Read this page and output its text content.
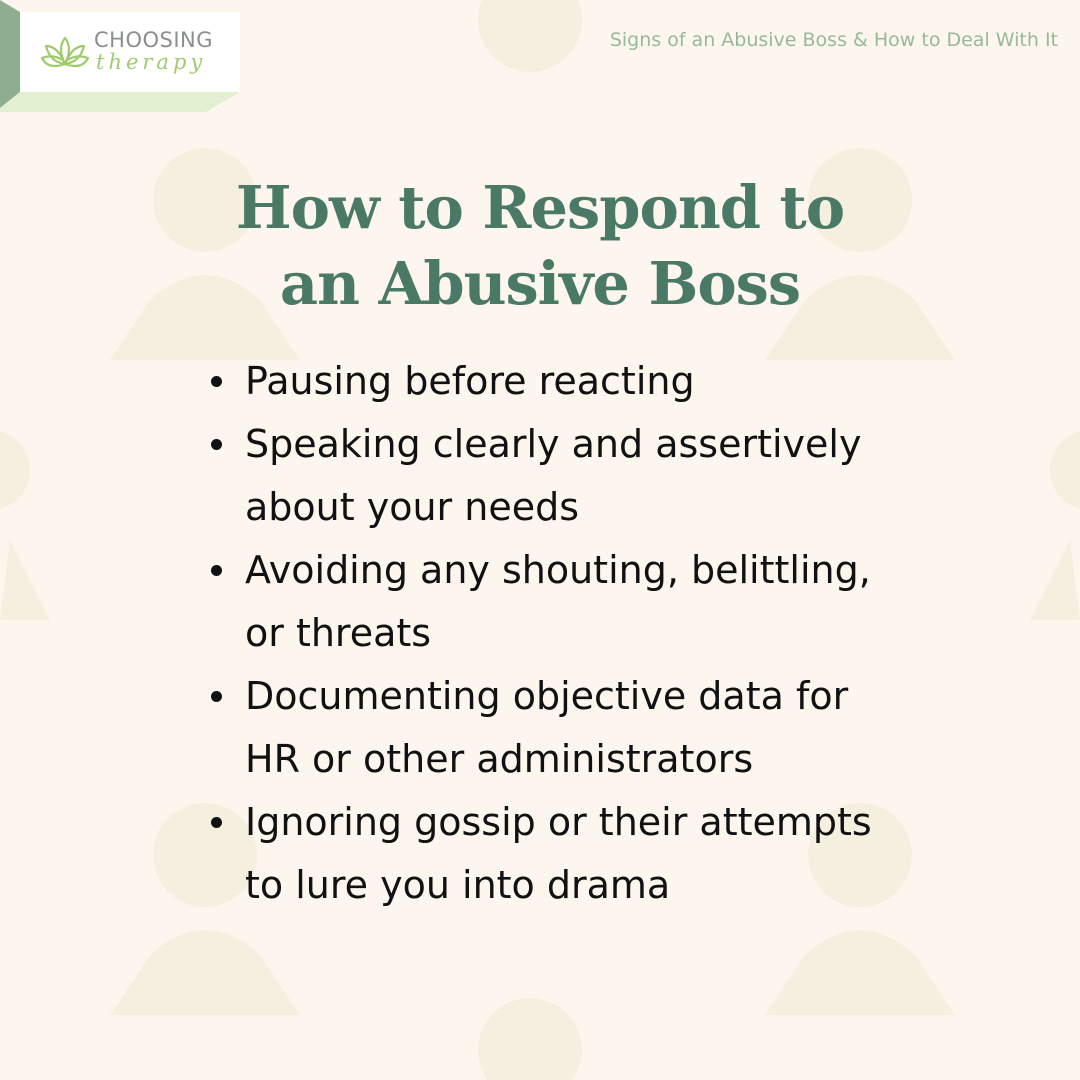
CHOOSING
therapy
Signs of an Abusive Boss & How to Deal With It
How to Respond to
an Abusive Boss
Pausing before reacting
Speaking clearly and assertively about your needs
Avoiding any shouting, belittling, or threats
Documenting objective data for HR or other administrators
Ignoring gossip or their attempts to lure you into drama
